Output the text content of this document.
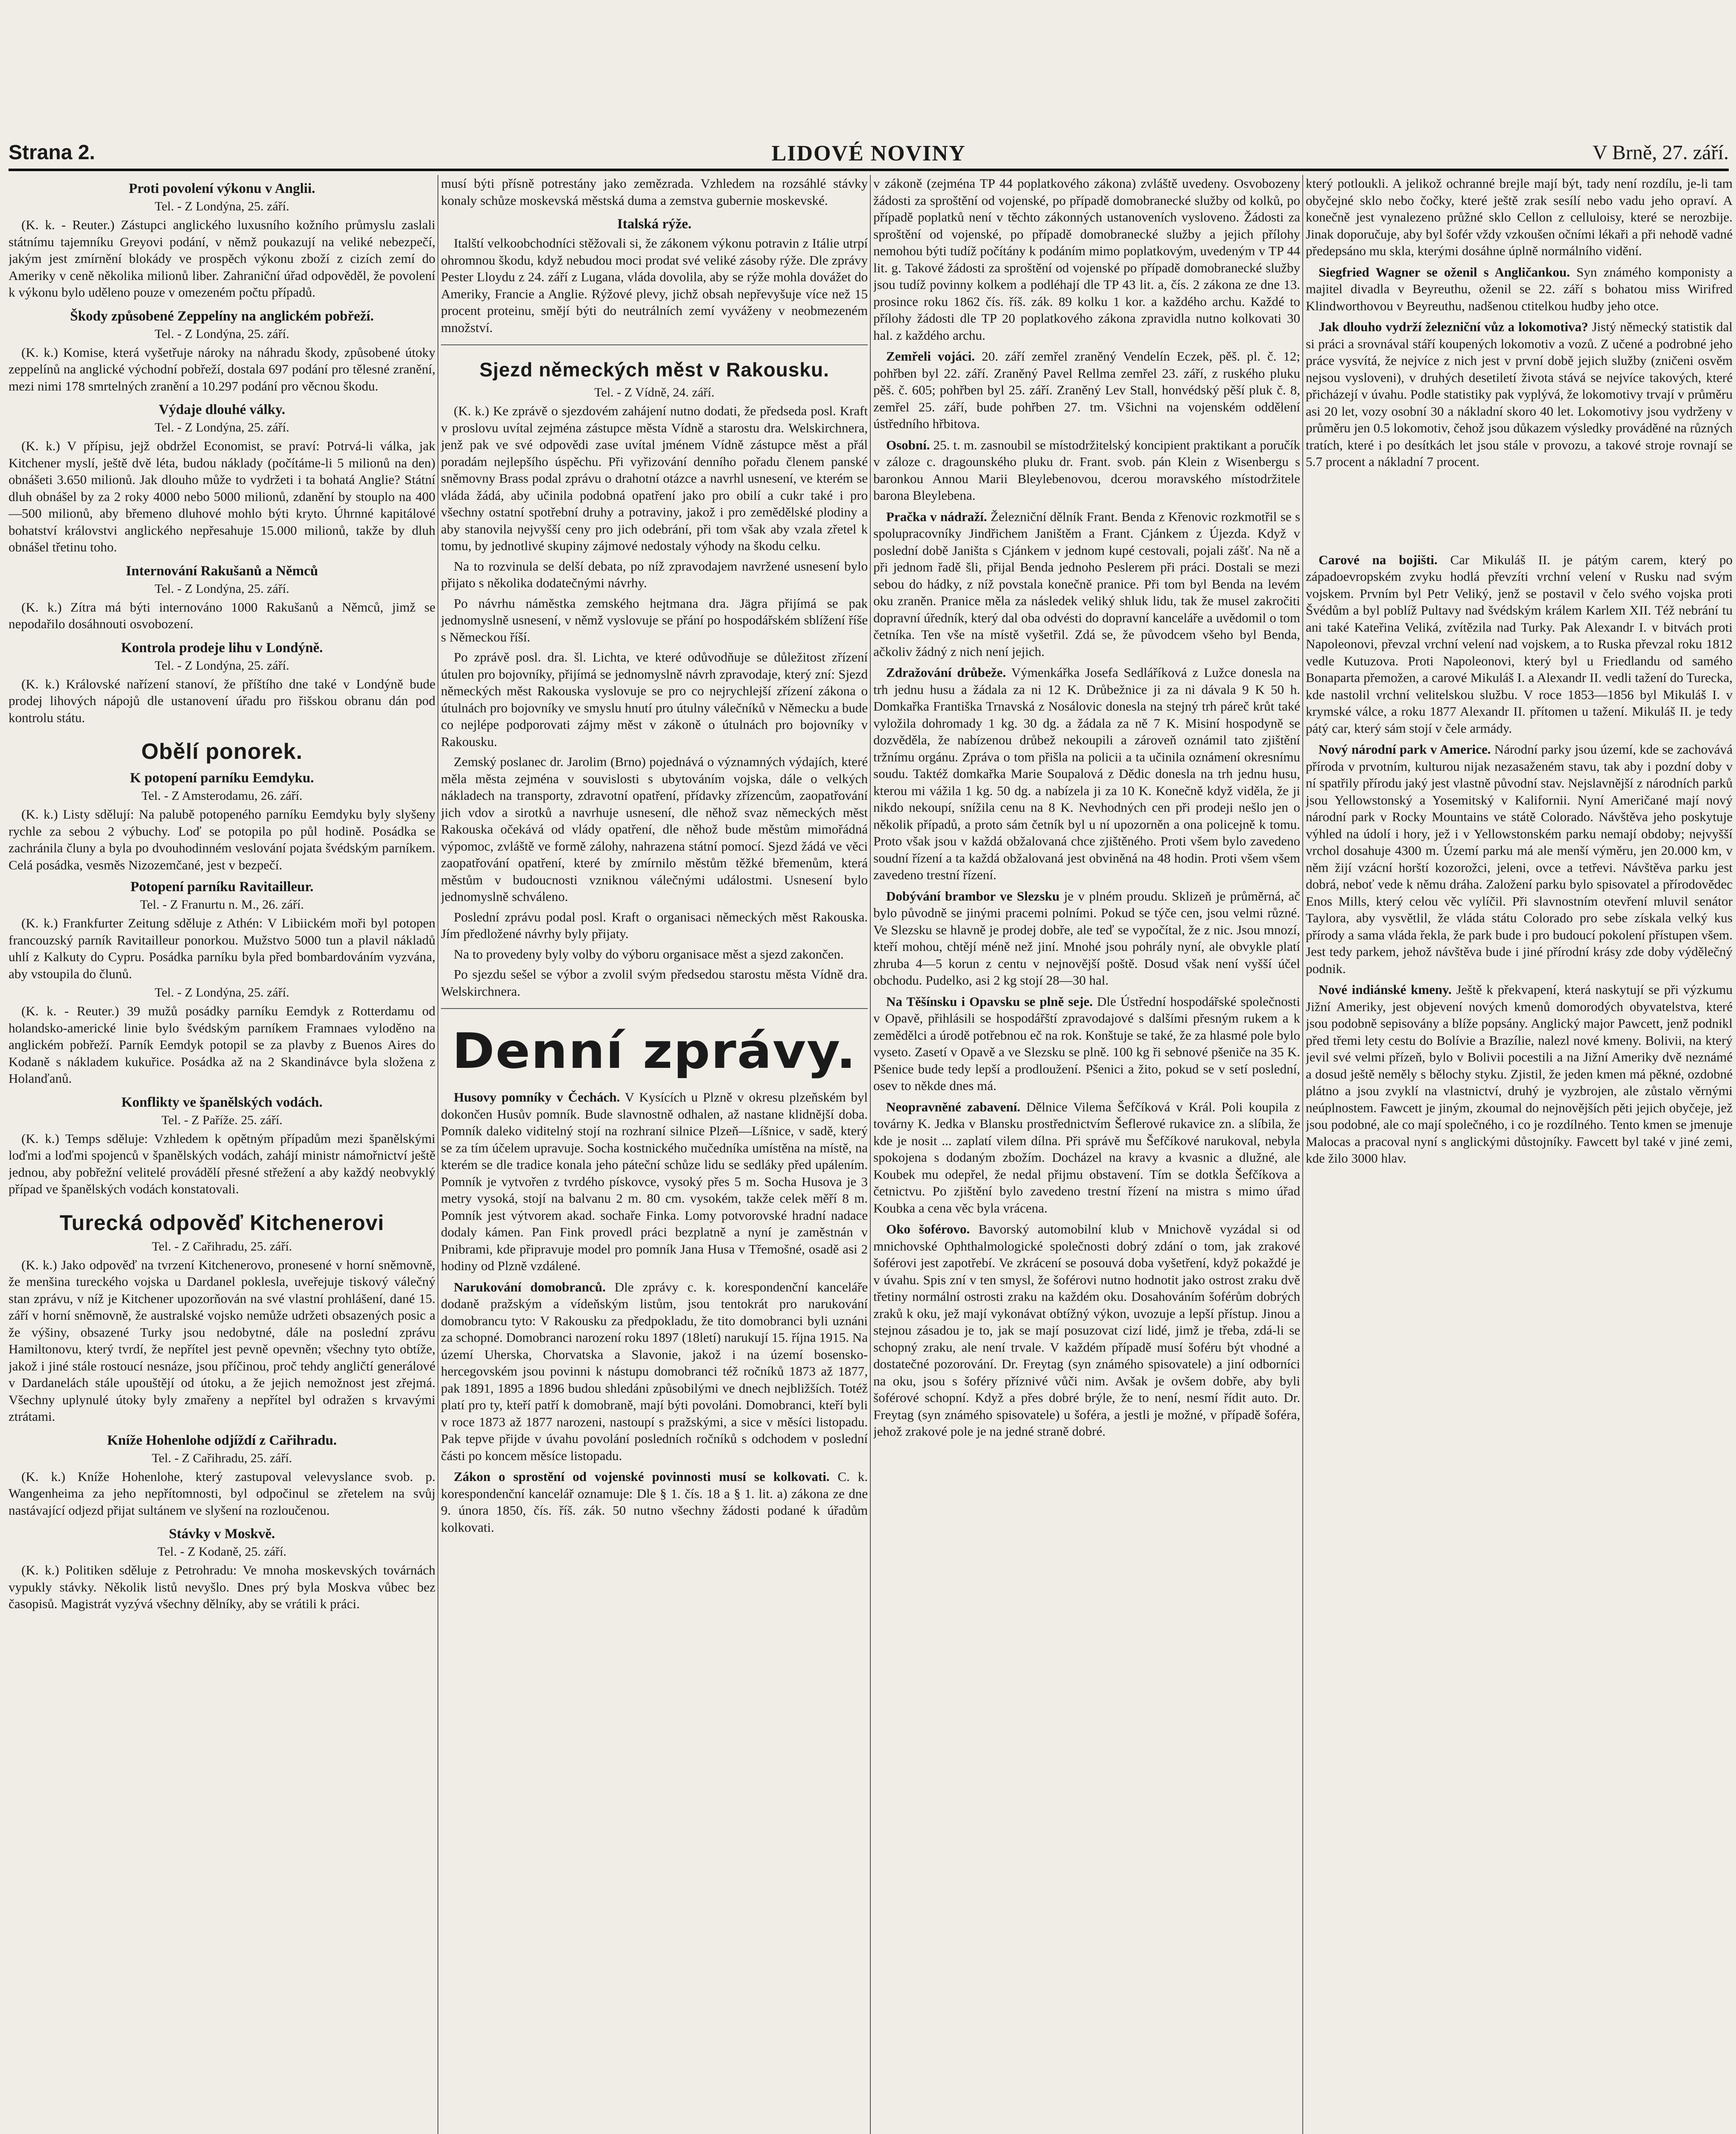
Strana 2.	LIDOVÉ NOVINY	V Brně, 27. září.
Proti povolení výkonu v Anglii.
Tel. - Z Londýna, 25. září.

(K. k. - Reuter.) Zástupci anglického luxusního kožního průmyslu zaslali státnímu tajemníku Greyovi podání, v němž poukazují na veliké nebezpečí, jakým jest zmírnění blokády ve prospěch výkonu zboží z cizích zemí do Ameriky v ceně několika milionů liber. Zahraniční úřad odpověděl, že povolení k výkonu bylo uděleno pouze v omezeném počtu případů.

Škody způsobené Zeppelíny na anglickém pobřeží.
Tel. - Z Londýna, 25. září.

(K. k.) Komise, která vyšetřuje nároky na náhradu škody, způsobené útoky zeppelínů na anglické východní pobřeží, dostala 697 podání pro tělesné zranění, mezi nimi 178 smrtelných zranění a 10.297 podání pro věcnou škodu.

Výdaje dlouhé války.
Tel. - Z Londýna, 25. září.

(K. k.) V přípisu, jejž obdržel Economist, se praví: Potrvá-li válka, jak Kitchener myslí, ještě dvě léta, budou náklady (počítáme-li 5 milionů na den) obnášeti 3.650 milionů. Jak dlouho může to vydržeti i ta bohatá Anglie? Státní dluh obnášel by za 2 roky 4000 nebo 5000 milionů, zdanění by stouplo na 400—500 milionů, aby břemeno dluhové mohlo býti kryto. Úhrnné kapitálové bohatství královstvi anglického nepřesahuje 15.000 milionů, takže by dluh obnášel třetinu toho.

Internování Rakušanů a Němců
Tel. - Z Londýna, 25. září.

(K. k.) Zítra má býti internováno 1000 Rakušanů a Němců, jimž se nepodařilo dosáhnouti osvobození.

Kontrola prodeje lihu v Londýně.
Tel. - Z Londýna, 25. září.

(K. k.) Královské nařízení stanoví, že příštího dne také v Londýně bude prodej lihových nápojů dle ustanovení úřadu pro řišskou obranu dán pod kontrolu státu.

Obělí ponorek.
K potopení parníku Eemdyku.
Tel. - Z Amsterodamu, 26. září.

(K. k.) Listy sdělují: Na palubě potopeného parníku Eemdyku byly slyšeny rychle za sebou 2 výbuchy. Loď se potopila po půl hodině. Posádka se zachránila čluny a byla po dvouhodinném veslování pojata švédským parníkem. Celá posádka, vesměs Nizozemčané, jest v bezpečí.

Potopení parníku Ravitailleur.
Tel. - Z Franurtu n. M., 26. září.

(K. k.) Frankfurter Zeitung sděluje z Athén: V Libiickém moři byl potopen francouzský parník Ravitailleur ponorkou. Mužstvo 5000 tun a plavil nákladů uhlí z Kalkuty do Cypru. Posádka parníku byla před bombardováním vyzvána, aby vstoupila do člunů.

Tel. - Z Londýna, 25. září.

(K. k. - Reuter.) 39 mužů posádky parníku Eemdyk z Rotterdamu od holandsko-americké linie bylo švédským parníkem Framnaes vyloděno na anglickém pobřeží. Parník Eemdyk potopil se za plavby z Buenos Aires do Kodaně s nákladem kukuřice. Posádka až na 2 Skandinávce byla složena z Holanďanů.

Konflikty ve španělských vodách.
Tel. - Z Paříže. 25. září.

(K. k.) Temps sděluje: Vzhledem k opětným případům mezi španělskými loďmi a loďmi spojenců v španělských vodách, zahájí ministr námořnictví ještě jednou, aby pobřežní velitelé provádělí přesné střežení a aby každý neobvyklý případ ve španělských vodách konstatovali.

Turecká odpověď Kitchenerovi
Tel. - Z Cařihradu, 25. září.

(K. k.) Jako odpověď na tvrzení Kitchenerovo, pronesené v horní sněmovně, že menšina tureckého vojska u Dardanel poklesla, uveřejuje tiskový válečný stan zprávu, v níž je Kitchener upozorňován na své vlastní prohlášení, dané 15. září v horní sněmovně, že australské vojsko nemůže udržeti obsazených posic a že výšiny, obsazené Turky jsou nedobytné, dále na poslední zprávu Hamiltonovu, který tvrdí, že nepřítel jest pevně opevněn; všechny tyto obtíže, jakož i jiné stále rostoucí nesnáze, jsou příčinou, proč tehdy angličtí generálové v Dardanelách stále upouštějí od útoku, a že jejich nemožnost jest zřejmá. Všechny uplynulé útoky byly zmařeny a nepřítel byl odražen s krvavými ztrátami.

Kníže Hohenlohe odjíždí z Cařihradu.
Tel. - Z Cařihradu, 25. září.

(K. k.) Kníže Hohenlohe, který zastupoval velevyslance svob. p. Wangenheima za jeho nepřítomnosti, byl odpočinul se zřetelem na svůj nastávající odjezd přijat sultánem ve slyšení na rozloučenou.

Stávky v Moskvě.
Tel. - Z Kodaně, 25. září.

(K. k.) Politiken sděluje z Petrohradu: Ve mnoha moskevských továrnách vypukly stávky. Několik listů nevyšlo. Dnes prý byla Moskva vůbec bez časopisů. Magistrát vyzývá všechny dělníky, aby se vrátili k práci.

musí býti přísně potrestány jako zemězrada. Vzhledem na rozsáhlé stávky konaly schůze moskevská městská duma a zemstva gubernie moskevské.

Italská rýže.

Italští velkoobchodníci stěžovali si, že zákonem výkonu potravin z Itálie utrpí ohromnou škodu, když nebudou moci prodat své veliké zásoby rýže. Dle zprávy Pester Lloydu z 24. září z Lugana, vláda dovolila, aby se rýže mohla dovážet do Ameriky, Francie a Anglie. Rýžové plevy, jichž obsah nepřevyšuje více než 15 procent proteinu, smějí býti do neutrálních zemí vyváženy v neobmezeném množství.

Sjezd německých měst v Rakousku.
Tel. - Z Vídně, 24. září.

(K. k.) Ke zprávě o sjezdovém zahájení nutno dodati, že předseda posl. Kraft v proslovu uvítal zejména zástupce města Vídně a starostu dra. Welskirchnera, jenž pak ve své odpovědi zase uvítal jménem Vídně zástupce měst a přál poradám nejlepšího úspěchu. Při vyřizování denního pořadu členem panské sněmovny Brass podal zprávu o drahotní otázce a navrhl usnesení, ve kterém se vláda žádá, aby učinila podobná opatření jako pro obilí a cukr také i pro všechny ostatní spotřební druhy a potraviny, jakož i pro zemědělské plodiny a aby stanovila nejvyšší ceny pro jich odebrání, při tom však aby vzala zřetel k tomu, by jednotlivé skupiny zájmové nedostaly výhody na škodu celku.

Na to rozvinula se delší debata, po níž zpravodajem navržené usnesení bylo přijato s několika dodatečnými návrhy.

Po návrhu náměstka zemského hejtmana dra. Jägra přijímá se pak jednomyslně usnesení, v němž vyslovuje se přání po hospodářském sblížení říše s Německou říší.

Po zprávě posl. dra. šl. Lichta, ve které odůvodňuje se důležitost zřízení útulen pro bojovníky, přijímá se jednomyslně návrh zpravodaje, který zní: Sjezd německých měst Rakouska vyslovuje se pro co nejrychlejší zřízení zákona o útulnách pro bojovníky ve smyslu hnutí pro útulny válečníků v Německu a bude co nejlépe podporovati zájmy měst v zákoně o útulnách pro bojovníky v Rakousku.

Zemský poslanec dr. Jarolim (Brno) pojednává o významných výdajích, které měla města zejména v souvislosti s ubytováním vojska, dále o velkých nákladech na transporty, zdravotní opatření, přídavky zřízencům, zaopatřování jich vdov a sirotků a navrhuje usnesení, dle něhož svaz německých měst Rakouska očekává od vlády opatření, dle něhož bude městům mimořádná výpomoc, zvláště ve formě zálohy, nahrazena státní pomocí. Sjezd žádá ve věci zaopatřování opatření, které by zmírnilo městům těžké břemenům, která městům v budoucnosti vzniknou válečnými událostmi. Usnesení bylo jednomyslně schváleno.

Poslední zprávu podal posl. Kraft o organisaci německých měst Rakouska. Jím předložené návrhy byly přijaty.

Na to provedeny byly volby do výboru organisace měst a sjezd zakončen.

Po sjezdu sešel se výbor a zvolil svým předsedou starostu města Vídně dra. Welskirchnera.

Denní zprávy.
Husovy pomníky v Čechách. V Kysících u Plzně v okresu plzeňském byl dokončen Husův pomník. Bude slavnostně odhalen, až nastane klidnější doba. Pomník daleko viditelný stojí na rozhraní silnice Plzeň—Líšnice, v sadě, který se za tím účelem upravuje. Socha kostnického mučedníka umístěna na místě, na kterém se dle tradice konala jeho páteční schůze lidu se sedláky před upálením. Pomník je vytvořen z tvrdého pískovce, vysoký přes 5 m. Socha Husova je 3 metry vysoká, stojí na balvanu 2 m. 80 cm. vysokém, takže celek měří 8 m. Pomník jest výtvorem akad. sochaře Finka. Lomy potvorovské hradní nadace dodaly kámen. Pan Fink provedl práci bezplatně a nyní je zaměstnán v Pnibrami, kde připravuje model pro pomník Jana Husa v Třemošné, osadě asi 2 hodiny od Plzně vzdálené.
Narukování domobranců. Dle zprávy c. k. korespondenční kanceláře dodaně pražským a vídeňským listům, jsou tentokrát pro narukování domobrancu tyto: V Rakousku za předpokladu, že tito domobranci byli uznáni za schopné. Domobranci narození roku 1897 (18letí) narukují 15. října 1915. Na území Uherska, Chorvatska a Slavonie, jakož i na území bosensko-hercegovském jsou povinni k nástupu domobranci též ročníků 1873 až 1877, pak 1891, 1895 a 1896 budou shledáni způsobilými ve dnech nejbližších. Totéž platí pro ty, kteří patří k domobraně, mají býti povoláni. Domobranci, kteří byli v roce 1873 až 1877 narozeni, nastoupí s pražskými, a sice v měsíci listopadu. Pak tepve přijde v úvahu povolání posledních ročníků s odchodem v poslední části po koncem měsíce listopadu.
Zákon o sprostění od vojenské povinnosti musí se kolkovati. C. k. korespondenční kancelář oznamuje: Dle § 1. čís. 18 a § 1. lit. a) zákona ze dne 9. února 1850, čís. říš. zák. 50 nutno všechny žádosti podané k úřadům kolkovati.

v zákoně (zejména TP 44 poplatkového zákona) zvláště uvedeny. Osvobozeny žádosti za sproštění od vojenské, po případě domobranecké služby od kolků, po případě poplatků není v těchto zákonných ustanoveních vysloveno. Žádosti za sproštění od vojenské, po případě domobranecké služby a jejich přílohy nemohou býti tudíž počítány k podáním mimo poplatkovým, uvedeným v TP 44 lit. g. Takové žádosti za sproštění od vojenské po případě domobranecké služby jsou tudíž povinny kolkem a podléhají dle TP 43 lit. a, čís. 2 zákona ze dne 13. prosince roku 1862 čís. říš. zák. 89 kolku 1 kor. a každého archu. Každé to přílohy žádosti dle TP 20 poplatkového zákona zpravidla nutno kolkovati 30 hal. z každého archu.

Zemřeli vojáci. 20. září zemřel zraněný Vendelín Eczek, pěš. pl. č. 12; pohřben byl 22. září. Zraněný Pavel Rellma zemřel 23. září, z ruského pluku pěš. č. 605; pohřben byl 25. září. Zraněný Lev Stall, honvédský pěší pluk č. 8, zemřel 25. září, bude pohřben 27. tm. Všichni na vojenském oddělení ústředního hřbitova.
Osobní. 25. t. m. zasnoubil se místodržitelský koncipient praktikant a poručík v záloze c. dragounského pluku dr. Frant. svob. pán Klein z Wisenbergu s baronkou Annou Marii Bleylebenovou, dcerou moravského místodržitele barona Bleylebena.
Pračka v nádraží. Železniční dělník Frant. Benda z Křenovic rozkmotřil se s spolupracovníky Jindřichem Janištěm a Frant. Cjánkem z Újezda. Když v poslední době Janišta s Cjánkem v jednom kupé cestovali, pojali zášť. Na ně a při jednom řadě šli, přijal Benda jednoho Peslerem při práci. Dostali se mezi sebou do hádky, z níž povstala konečně pranice. Při tom byl Benda na levém oku zraněn. Pranice měla za následek veliký shluk lidu, tak že musel zakročiti dopravní úředník, který dal oba odvésti do dopravní kanceláře a uvědomil o tom četníka. Ten vše na místě vyšetřil. Zdá se, že původcem všeho byl Benda, ačkoliv žádný z nich není jejich.
Zdražování drůbeže. Výmenkářka Josefa Sedláříková z Lužce donesla na trh jednu husu a žádala za ni 12 K. Drůbežnice ji za ni dávala 9 K 50 h. Domkařka Františka Trnavská z Nosálovic donesla na stejný trh páreč krůt také vyložila dohromady 1 kg. 30 dg. a žádala za ně 7 K. Misiní hospodyně se dozvěděla, že nabízenou drůbež nekoupili a zároveň oznámil tato zjištění tržnímu orgánu. Zpráva o tom přišla na policii a ta učinila oznámení okresnímu soudu. Taktéž domkařka Marie Soupalová z Dědic donesla na trh jednu husu, kterou mi vážila 1 kg. 50 dg. a nabízela ji za 10 K. Konečně když viděla, že ji nikdo nekoupí, snížila cenu na 8 K. Nevhodných cen při prodeji nešlo jen o několik případů, a proto sám četník byl u ní upozorněn a ona policejně k tomu. Proto však jsou v každá obžalovaná chce zjištěného. Proti všem bylo zavedeno soudní řízení a ta každá obžalovaná jest obviněná na 48 hodin. Proti všem všem zavedeno trestní řízení.
Dobývání brambor ve Slezsku je v plném proudu. Sklizeň je průměrná, ač bylo původně se jinými pracemi polními. Pokud se týče cen, jsou velmi různé. Ve Slezsku se hlavně je prodej dobře, ale teď se vypočítal, že z nic. Jsou mnozí, kteří mohou, chtějí méně než jiní. Mnohé jsou pohrály nyní, ale obvykle platí zhruba 4—5 korun z centu v nejnovější poště. Dosud však není vyšší účel obchodu. Pudelko, asi 2 kg stojí 28—30 hal.
Na Těšínsku i Opavsku se plně seje. Dle Ústřední hospodářské společnosti v Opavě, přihlásili se hospodářští zpravodajové s dalšími přesným rukem a k zemědělci a úrodě potřebnou eč na rok. Konštuje se také, že za hlasmé pole bylo vyseto. Zasetí v Opavě a ve Slezsku se plně. 100 kg ři sebnové pšeniče na 35 K. Pšenice bude tedy lepší a prodloužení. Pšenici a žito, pokud se v setí poslední, osev to někde dnes má.
Neopravněné zabavení. Dělnice Vilema Šefčíková v Král. Poli koupila z továrny K. Jedka v Blansku prostřednictvím Šeflerové rukavice zn. a slíbila, že kde je nosit ... zaplatí vilem dílna. Při správě mu Šefčíkové narukoval, nebyla spokojena s dodaným zbožím. Docházel na kravy a kvasnic a dlužné, ale Koubek mu odepřel, že nedal přijmu obstavení. Tím se dotkla Šefčíkova a četnictvu. Po zjištění bylo zavedeno trestní řízení na mistra s mimo úřad Koubka a cena věc byla vrácena.
Oko šoférovo. Bavorský automobilní klub v Mnichově vyzádal si od mnichovské Ophthalmologické společnosti dobrý zdání o tom, jak zrakové šoférovi jest zapotřebí. Ve zkrácení se posouvá doba vyšetření, když pokaždé je v úvahu. Spis zní v ten smysl, že šoférovi nutno hodnotit jako ostrost zraku dvě třetiny normální ostrosti zraku na každém oku. Dosahováním šoférům dobrých zraků k oku, jež mají vykonávat obtížný výkon, uvozuje a lepší přístup. Jinou a stejnou zásadou je to, jak se mají posuzovat cizí lidé, jimž je třeba, zdá-li se schopný zraku, ale není trvale. V každém případě musí šoféru být vhodné a dostatečné pozorování. Dr. Freytag (syn známého spisovatele) a jiní odborníci na oku, jsou s šoféry příznivé vůči nim. Avšak je ovšem dobře, aby byli šoférové schopní. Když a přes dobré brýle, že to není, nesmí řídit auto. Dr. Freytag (syn známého spisovatele) u šoféra, a jestli je možné, v případě šoféra, jehož zrakové pole je na jedné straně dobré.

který potloukli. A jelikož ochranné brejle mají být, tady není rozdílu, je-li tam obyčejné sklo nebo čočky, které ještě zrak sesílí nebo vadu jeho opraví. A konečně jest vynalezeno průžné sklo Cellon z celluloisy, které se nerozbije. Jinak doporučuje, aby byl šofér vždy vzkoušen očními lékaři a při nehodě vadné předepsáno mu skla, kterými dosáhne úplně normálního vidění.

Siegfried Wagner se oženil s Angličankou. Syn známého komponisty a majitel divadla v Beyreuthu, oženil se 22. září s bohatou miss Wirifred Klindworthovou v Beyreuthu, nadšenou ctitelkou hudby jeho otce.
Jak dlouho vydrží železniční vůz a lokomotiva? Jistý německý statistik dal si práci a srovnával stáří koupených lokomotiv a vozů. Z učené a podrobné jeho práce vysvítá, že nejvíce z nich jest v první době jejich služby (zničeni osvěm nejsou vysloveni), v druhých desetiletí života stává se nejvíce takových, které přicházejí v úvahu. Podle statistiky pak vyplývá, že lokomotivy trvají v průměru asi 20 let, vozy osobní 30 a nákladní skoro 40 let. Lokomotivy jsou vydrženy v průměru jen 0.5 lokomotiv, čehož jsou důkazem výsledky prováděné na různých tratích, které i po desítkách let jsou stále v provozu, a takové stroje rovnají se 5.7 procent a nákladní 7 procent.
Carové na bojišti. Car Mikuláš II. je pátým carem, který po západoevropském zvyku hodlá převzíti vrchní velení v Rusku nad svým vojskem. Prvním byl Petr Veliký, jenž se postavil v čelo svého vojska proti Švédům a byl poblíž Pultavy nad švédským králem Karlem XII. Též nebrání tu ani také Kateřina Veliká, zvítězila nad Turky. Pak Alexandr I. v bitvách proti Napoleonovi, převzal vrchní velení nad vojskem, a to Ruska převzal roku 1812 vedle Kutuzova. Proti Napoleonovi, který byl u Friedlandu od samého Bonaparta přemožen, a carové Mikuláš I. a Alexandr II. vedli tažení do Turecka, kde nastolil vrchní velitelskou službu. V roce 1853—1856 byl Mikuláš I. v krymské válce, a roku 1877 Alexandr II. přítomen u tažení. Mikuláš II. je tedy pátý car, který sám stojí v čele armády.
Nový národní park v Americe. Národní parky jsou území, kde se zachovává příroda v prvotním, kulturou nijak nezasaženém stavu, tak aby i pozdní doby v ní spatřily přírodu jaký jest vlastně původní stav. Nejslavnější z národních parků jsou Yellowstonský a Yosemitský v Kalifornii. Nyní Američané mají nový národní park v Rocky Mountains ve státě Colorado. Návštěva jeho poskytuje výhled na údolí i hory, jež i v Yellowstonském parku nemají obdoby; nejvyšší vrchol dosahuje 4300 m. Území parku má ale menší výměru, jen 20.000 km, v něm žijí vzácní horští kozorožci, jeleni, ovce a tetřevi. Návštěva parku jest dobrá, neboť vede k němu dráha. Založení parku bylo spisovatel a přírodovědec Enos Mills, který celou věc vylíčil. Při slavnostním otevření mluvil senátor Taylora, aby vysvětlil, že vláda státu Colorado pro sebe získala velký kus přírody a sama vláda řekla, že park bude i pro budoucí pokolení přístupen všem. Jest tedy parkem, jehož návštěva bude i jiné přírodní krásy zde doby výdělečný podnik.
Nové indiánské kmeny. Ještě k překvapení, která naskytují se při výzkumu Jižní Ameriky, jest objevení nových kmenů domorodých obyvatelstva, které jsou podobně sepisovány a blíže popsány. Anglický major Pawcett, jenž podnikl před třemi lety cestu do Bolívie a Brazílie, nalezl nové kmeny. Bolivii, na který jevil své velmi přízeň, bylo v Bolivii pocestili a na Jižní Ameriky dvě neznámé a dosud ještě neměly s bělochy styku. Zjistil, že jeden kmen má pěkné, ozdobné plátno a jsou zvyklí na vlastnictví, druhý je vyzbrojen, ale zůstalo věrnými neúplnostem. Fawcett je jiným, zkoumal do nejnovějších pěti jejich obyčeje, jež jsou podobné, ale co mají společného, i co je rozdílného. Tento kmen se jmenuje Malocas a pracoval nyní s anglickými důstojníky. Fawcett byl také v jiné zemi, kde žilo 3000 hlav.
